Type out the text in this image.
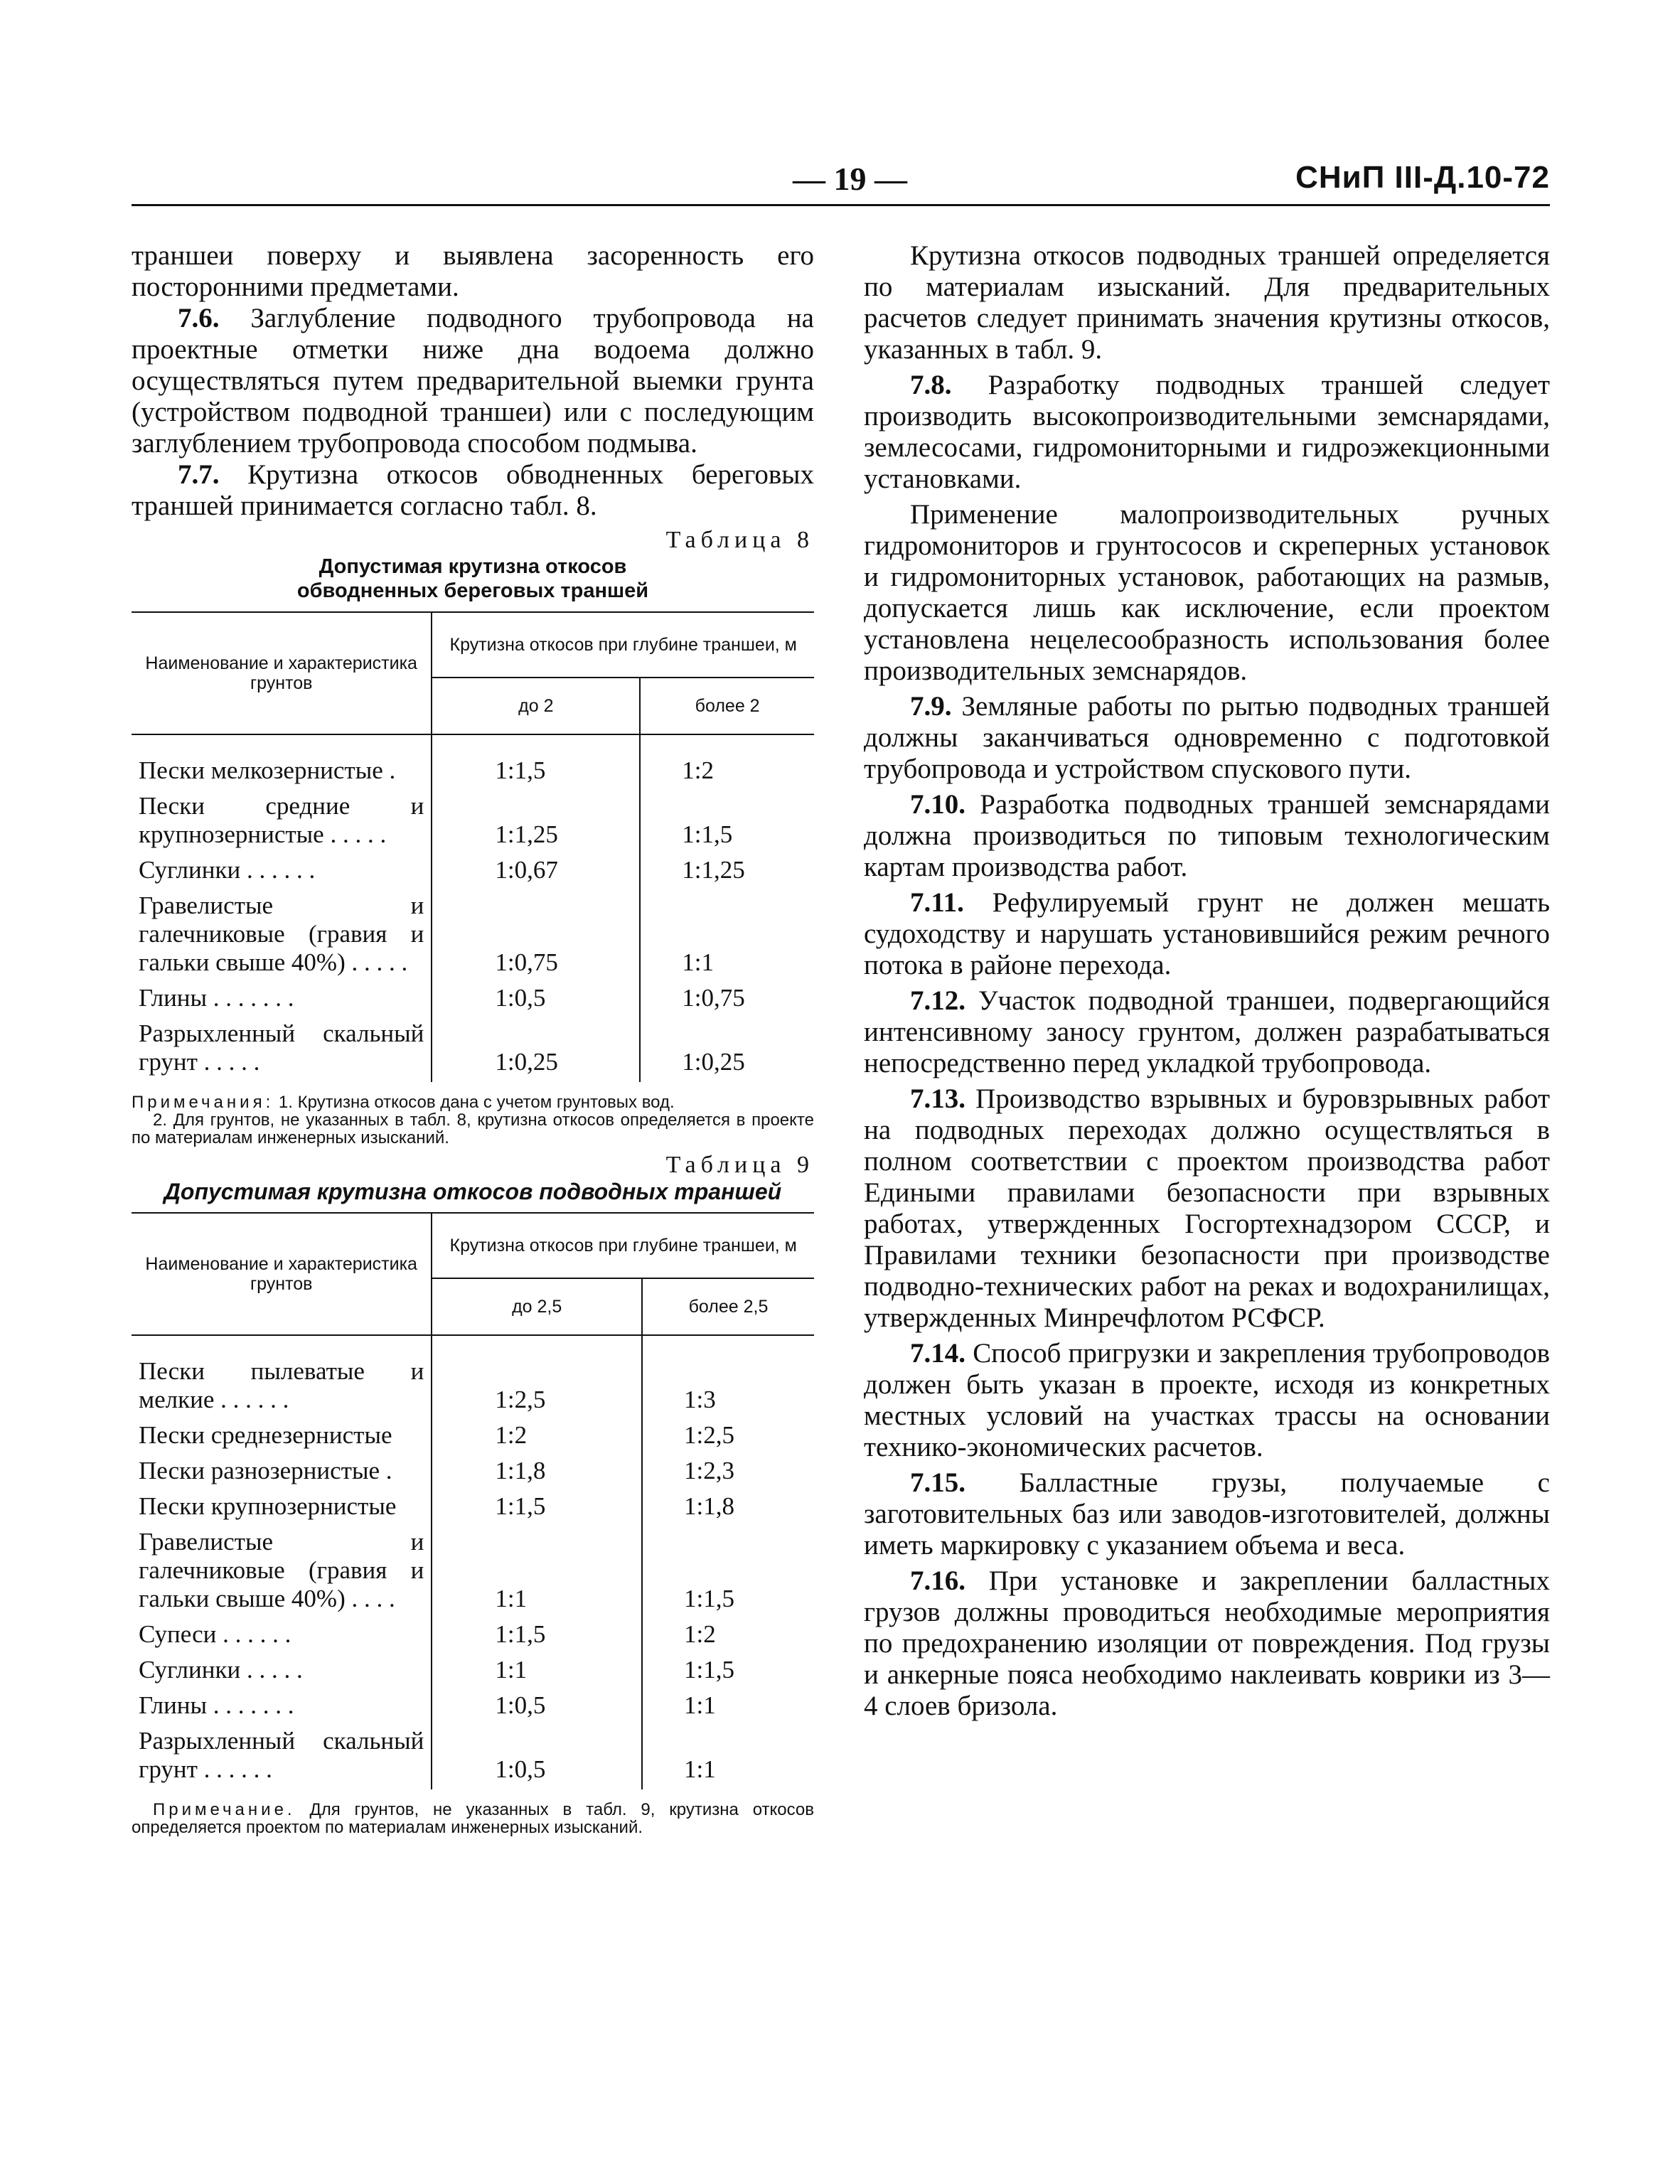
— 19 —	СНиП III-Д.10-72

траншеи поверху и выявлена засоренность его посторонними предметами.

7.6. Заглубление подводного трубопровода на проектные отметки ниже дна водоема должно осуществляться путем предварительной выемки грунта (устройством подводной траншеи) или с последующим заглублением трубопровода способом подмыва.

7.7. Крутизна откосов обводненных береговых траншей принимается согласно табл. 8.

Таблица 8
Допустимая крутизна откосов
обводненных береговых траншей
Наименование и характеристика грунтов	Крутизна откосов при глубине траншеи, м	
	до 2	более 2
Пески мелкозернистые .	1:1,5	1:2
Пески средние и крупнозернистые . . . . .	1:1,25	1:1,5
Суглинки . . . . . .	1:0,67	1:1,25
Гравелистые и галечниковые (гравия и гальки свыше 40%) . . . . .	1:0,75	1:1
Глины . . . . . . .	1:0,5	1:0,75
Разрыхленный скальный грунт . . . . .	1:0,25	1:0,25

Примечания: 1. Крутизна откосов дана с учетом грунтовых вод.

2. Для грунтов, не указанных в табл. 8, крутизна откосов определяется в проекте по материалам инженерных изысканий.

Таблица 9
Допустимая крутизна откосов подводных траншей
Наименование и характеристика грунтов	Крутизна откосов при глубине траншеи, м	
	до 2,5	более 2,5
Пески пылеватые и мелкие . . . . . .	1:2,5	1:3
Пески среднезернистые	1:2	1:2,5
Пески разнозернистые .	1:1,8	1:2,3
Пески крупнозернистые	1:1,5	1:1,8
Гравелистые и галечниковые (гравия и гальки свыше 40%) . . . .	1:1	1:1,5
Супеси . . . . . .	1:1,5	1:2
Суглинки . . . . .	1:1	1:1,5
Глины . . . . . . .	1:0,5	1:1
Разрыхленный скальный грунт . . . . . .	1:0,5	1:1

Примечание. Для грунтов, не указанных в табл. 9, крутизна откосов определяется проектом по материалам инженерных изысканий.

Крутизна откосов подводных траншей определяется по материалам изысканий. Для предварительных расчетов следует принимать значения крутизны откосов, указанных в табл. 9.

7.8. Разработку подводных траншей следует производить высокопроизводительными земснарядами, землесосами, гидромониторными и гидроэжекционными установками.

Применение малопроизводительных ручных гидромониторов и грунтососов и скреперных установок и гидромониторных установок, работающих на размыв, допускается лишь как исключение, если проектом установлена нецелесообразность использования более производительных земснарядов.

7.9. Земляные работы по рытью подводных траншей должны заканчиваться одновременно с подготовкой трубопровода и устройством спускового пути.

7.10. Разработка подводных траншей земснарядами должна производиться по типовым технологическим картам производства работ.

7.11. Рефулируемый грунт не должен мешать судоходству и нарушать установившийся режим речного потока в районе перехода.

7.12. Участок подводной траншеи, подвергающийся интенсивному заносу грунтом, должен разрабатываться непосредственно перед укладкой трубопровода.

7.13. Производство взрывных и буровзрывных работ на подводных переходах должно осуществляться в полном соответствии с проектом производства работ Едиными правилами безопасности при взрывных работах, утвержденных Госгортехнадзором СССР, и Правилами техники безопасности при производстве подводно-технических работ на реках и водохранилищах, утвержденных Минречфлотом РСФСР.

7.14. Способ пригрузки и закрепления трубопроводов должен быть указан в проекте, исходя из конкретных местных условий на участках трассы на основании технико-экономических расчетов.

7.15. Балластные грузы, получаемые с заготовительных баз или заводов-изготовителей, должны иметь маркировку с указанием объема и веса.

7.16. При установке и закреплении балластных грузов должны проводиться необходимые мероприятия по предохранению изоляции от повреждения. Под грузы и анкерные пояса необходимо наклеивать коврики из 3—4 слоев бризола.
